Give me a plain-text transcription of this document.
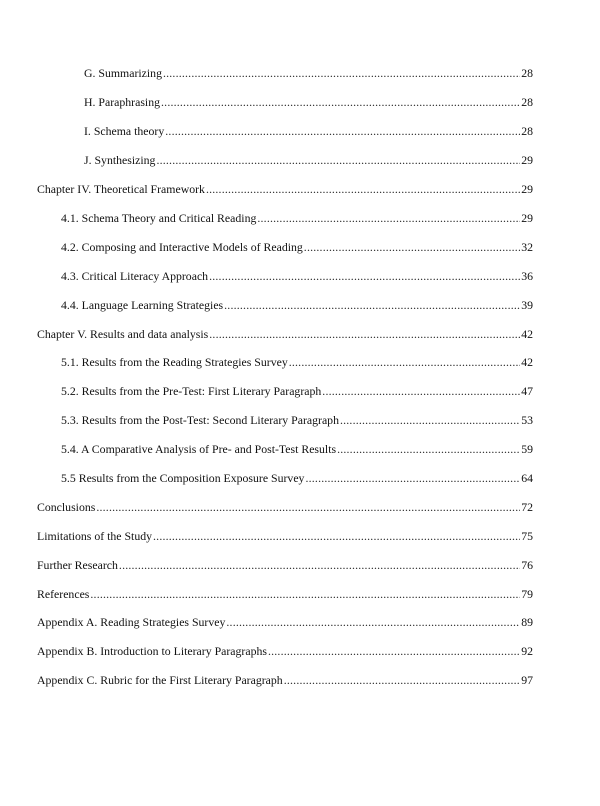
G. Summarizing .....	28
H. Paraphrasing .....	28
I. Schema theory .....	28
J. Synthesizing .....	29
Chapter IV. Theoretical Framework .....	29
4.1. Schema Theory and Critical Reading .....	29
4.2. Composing and Interactive Models of Reading .....	32
4.3. Critical Literacy Approach .....	36
4.4. Language Learning Strategies .....	39
Chapter V. Results and data analysis .....	42
5.1. Results from the Reading Strategies Survey .....	42
5.2. Results from the Pre-Test: First Literary Paragraph .....	47
5.3. Results from the Post-Test: Second Literary Paragraph .....	53
5.4. A Comparative Analysis of Pre- and Post-Test Results .....	59
5.5 Results from the Composition Exposure Survey .....	64
Conclusions .....	72
Limitations of the Study .....	75
Further Research .....	76
References .....	79
Appendix A. Reading Strategies Survey .....	89
Appendix B. Introduction to Literary Paragraphs .....	92
Appendix C. Rubric for the First Literary Paragraph .....	97
